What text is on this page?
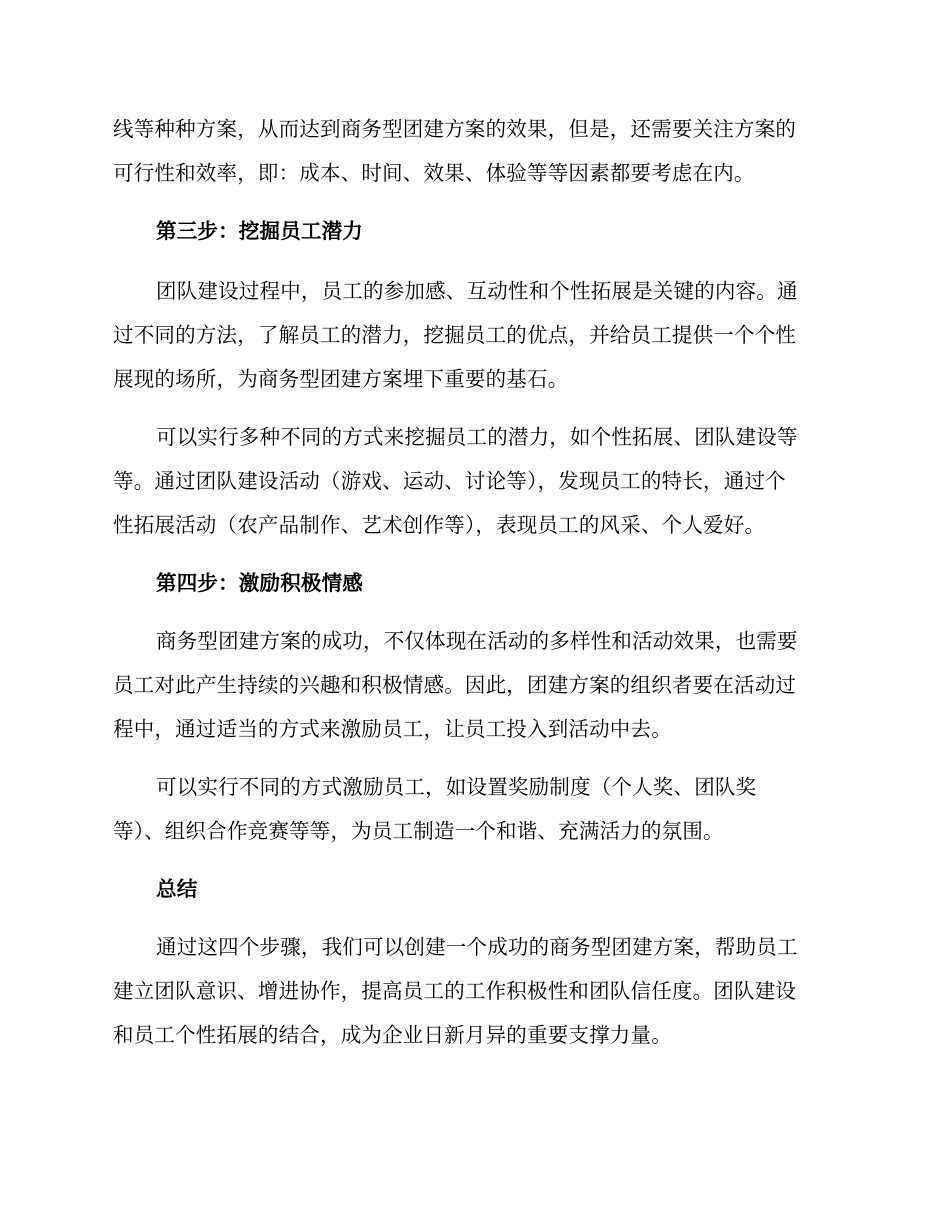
线等种种方案，从而达到商务型团建方案的效果，但是，还需要关注方案的
可行性和效率，即：成本、时间、效果、体验等等因素都要考虑在内。
第三步：挖掘员工潜力
团队建设过程中，员工的参加感、互动性和个性拓展是关键的内容。通
过不同的方法，了解员工的潜力，挖掘员工的优点，并给员工提供一个个性
展现的场所，为商务型团建方案埋下重要的基石。
可以实行多种不同的方式来挖掘员工的潜力，如个性拓展、团队建设等
等。通过团队建设活动（游戏、运动、讨论等），发现员工的特长，通过个
性拓展活动（农产品制作、艺术创作等），表现员工的风采、个人爱好。
第四步：激励积极情感
商务型团建方案的成功，不仅体现在活动的多样性和活动效果，也需要
员工对此产生持续的兴趣和积极情感。因此，团建方案的组织者要在活动过
程中，通过适当的方式来激励员工，让员工投入到活动中去。
可以实行不同的方式激励员工，如设置奖励制度（个人奖、团队奖
等）、组织合作竞赛等等，为员工制造一个和谐、充满活力的氛围。
总结
通过这四个步骤，我们可以创建一个成功的商务型团建方案，帮助员工
建立团队意识、增进协作，提高员工的工作积极性和团队信任度。团队建设
和员工个性拓展的结合，成为企业日新月异的重要支撑力量。
